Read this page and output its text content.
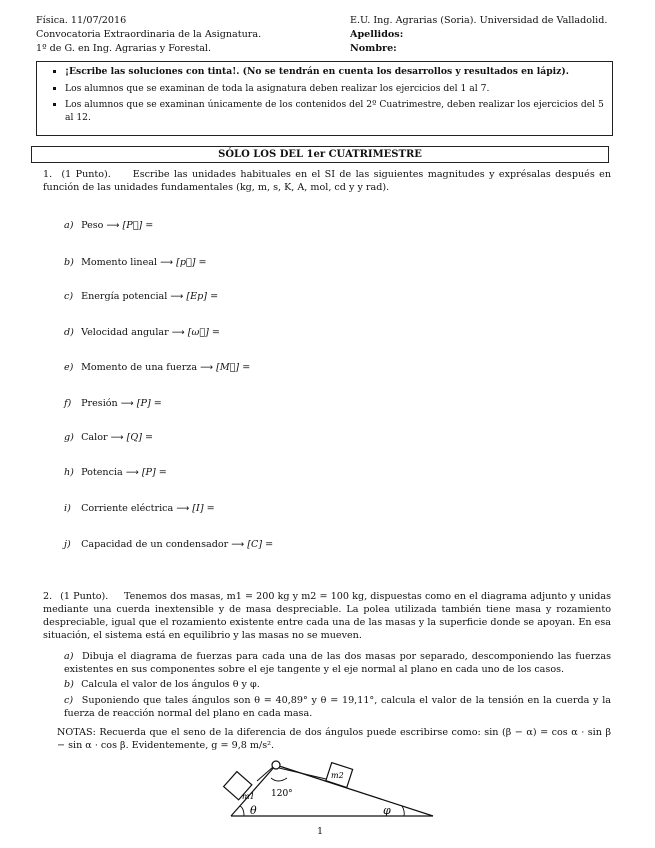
Física. 11/07/2016
Convocatoria Extraordinaria de la Asignatura.
1º de G. en Ing. Agrarias y Forestal.
E.U. Ing. Agrarias (Soria). Universidad de Valladolid.
Apellidos:
Nombre:
▪ ¡Escribe las soluciones con tinta!. (No se tendrán en cuenta los desarrollos y resultados en lápiz).
▪ Los alumnos que se examinan de toda la asignatura deben realizar los ejercicios del 1 al 7.
▪ Los alumnos que se examinan únicamente de los contenidos del 2º Cuatrimestre, deben realizar los ejercicios del 5 al 12.
SÓLO LOS DEL 1er CUATRIMESTRE
1. (1 Punto). Escribe las unidades habituales en el SI de las siguientes magnitudes y exprésalas después en función de las unidades fundamentales (kg, m, s, K, A, mol, cd y y rad).
a) Peso ⟶ [P⃗] =
b) Momento lineal ⟶ [p⃗] =
c) Energía potencial ⟶ [Ep] =
d) Velocidad angular ⟶ [ω⃗] =
e) Momento de una fuerza ⟶ [M⃗] =
f) Presión ⟶ [P] =
g) Calor ⟶ [Q] =
h) Potencia ⟶ [P] =
i) Corriente eléctrica ⟶ [I] =
j) Capacidad de un condensador ⟶ [C] =
2. (1 Punto). Tenemos dos masas, m1 = 200 kg y m2 = 100 kg, dispuestas como en el diagrama adjunto y unidas mediante una cuerda inextensible y de masa despreciable. La polea utilizada también tiene masa y rozamiento despreciable, igual que el rozamiento existente entre cada una de las masas y la superficie donde se apoyan. En esa situación, el sistema está en equilibrio y las masas no se mueven.
a) Dibuja el diagrama de fuerzas para cada una de las dos masas por separado, descomponiendo las fuerzas existentes en sus componentes sobre el eje tangente y el eje normal al plano en cada uno de los casos.
b) Calcula el valor de los ángulos θ y φ.
c) Suponiendo que tales ángulos son θ = 40,89° y θ = 19,11°, calcula el valor de la tensión en la cuerda y la fuerza de reacción normal del plano en cada masa.
NOTAS: Recuerda que el seno de la diferencia de dos ángulos puede escribirse como: sin (β − α) = cos α · sin β − sin α · cos β. Evidentemente, g = 9,8 m/s².
m1
m2
120°
θ	φ
1
